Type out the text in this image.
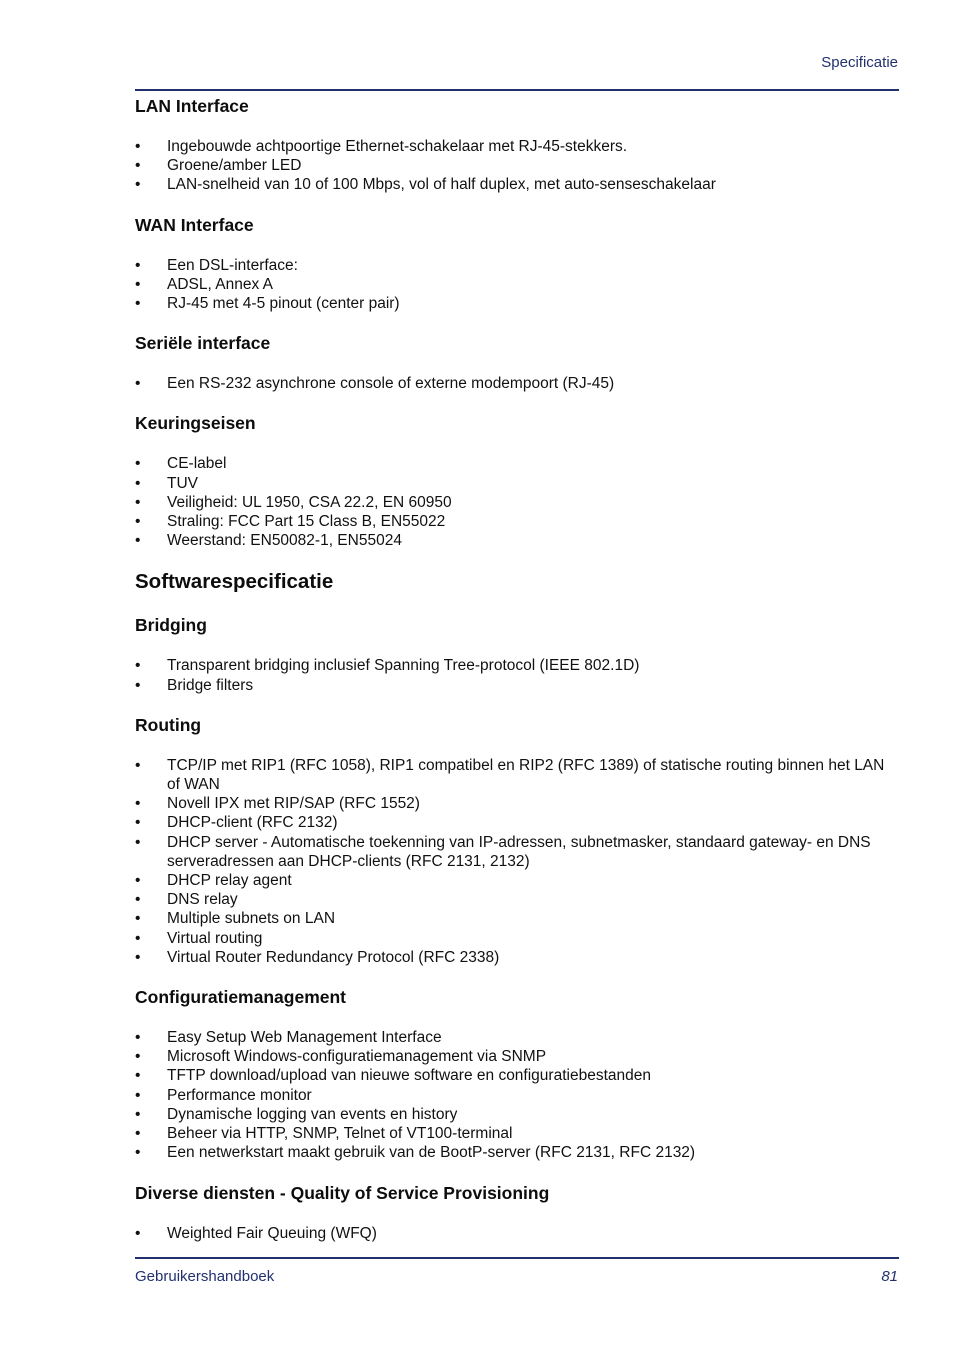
Specificatie
LAN Interface
• Ingebouwde achtpoortige Ethernet-schakelaar met RJ-45-stekkers.
• Groene/amber LED
• LAN-snelheid van 10 of 100 Mbps, vol of half duplex, met auto-senseschakelaar
WAN Interface
• Een DSL-interface:
• ADSL, Annex A
• RJ-45 met 4-5 pinout (center pair)
Seriële interface
• Een RS-232 asynchrone console of externe modempoort (RJ-45)
Keuringseisen
• CE-label
• TUV
• Veiligheid: UL 1950, CSA 22.2, EN 60950
• Straling: FCC Part 15 Class B, EN55022
• Weerstand: EN50082-1, EN55024
Softwarespecificatie
Bridging
• Transparent bridging inclusief Spanning Tree-protocol (IEEE 802.1D)
• Bridge filters
Routing
• TCP/IP met RIP1 (RFC 1058), RIP1 compatibel en RIP2 (RFC 1389) of statische routing binnen het LAN of WAN
• Novell IPX met RIP/SAP (RFC 1552)
• DHCP-client (RFC 2132)
• DHCP server - Automatische toekenning van IP-adressen, subnetmasker, standaard gateway- en DNS serveradressen aan DHCP-clients (RFC 2131, 2132)
• DHCP relay agent
• DNS relay
• Multiple subnets on LAN
• Virtual routing
• Virtual Router Redundancy Protocol (RFC 2338)
Configuratiemanagement
• Easy Setup Web Management Interface
• Microsoft Windows-configuratiemanagement via SNMP
• TFTP download/upload van nieuwe software en configuratiebestanden
• Performance monitor
• Dynamische logging van events en history
• Beheer via HTTP, SNMP, Telnet of VT100-terminal
• Een netwerkstart maakt gebruik van de BootP-server (RFC 2131, RFC 2132)
Diverse diensten - Quality of Service Provisioning
• Weighted Fair Queuing (WFQ)
Gebruikershandboek	81
